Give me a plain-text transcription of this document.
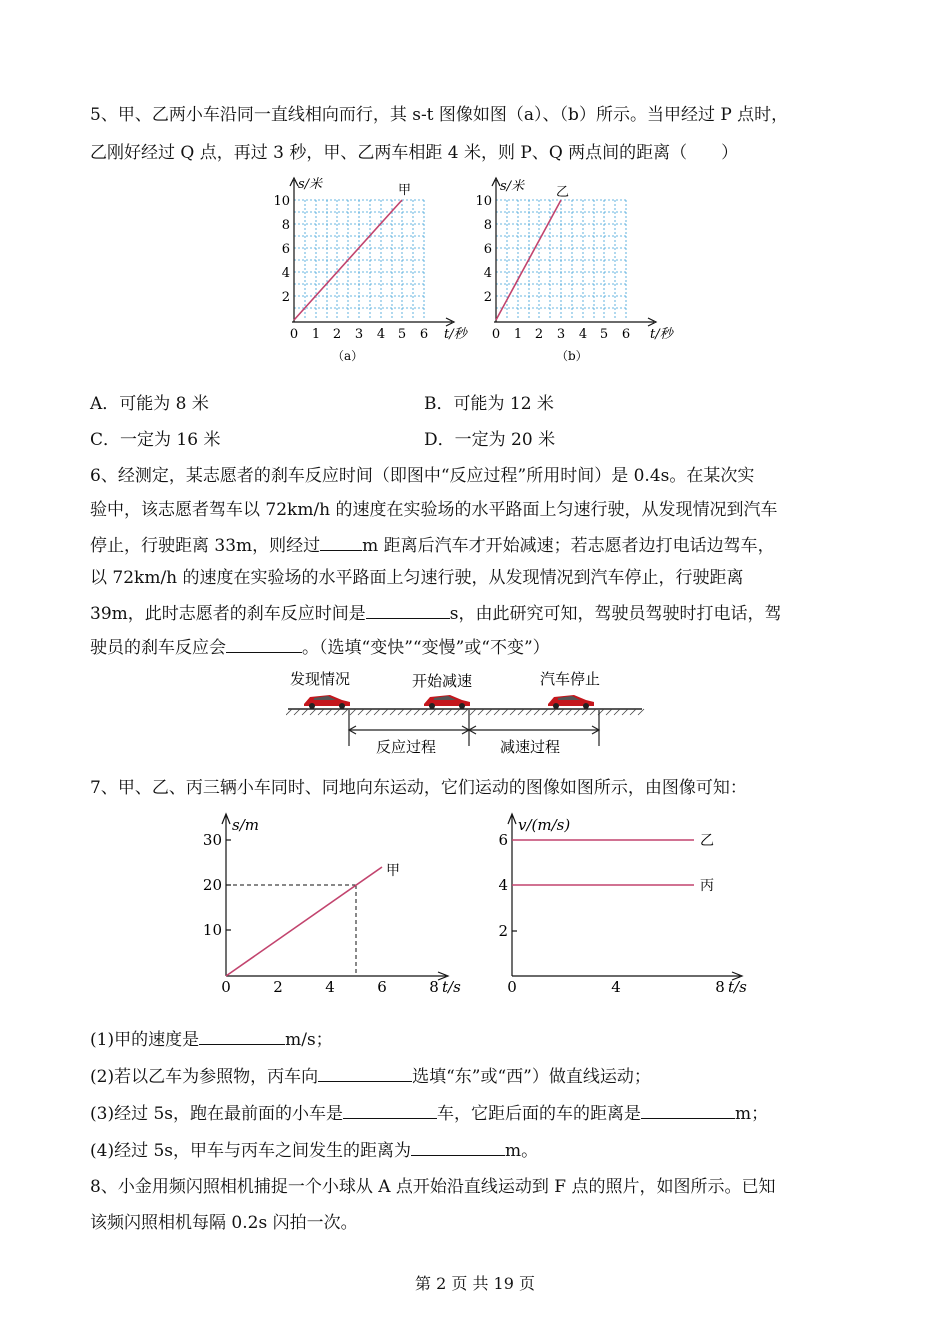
5、甲、乙两小车沿同一直线相向而行，其 s-t 图像如图（a）、（b）所示。当甲经过 P 点时，
乙刚好经过 Q 点，再过 3 秒，甲、乙两车相距 4 米，则 P、Q 两点间的距离（　　）
甲
s/米
t/秒
10
8
6
4
2
0 1 2 3 4 5 6
（a）
乙
s/米
t/秒
10
8
6
4
2
0 1 2 3 4 5 6
（b）
A．可能为 8 米	B．可能为 12 米
C．一定为 16 米	D．一定为 20 米
6、经测定，某志愿者的刹车反应时间（即图中“反应过程”所用时间）是 0.4s。在某次实
验中，该志愿者驾车以 72km/h 的速度在实验场的水平路面上匀速行驶，从发现情况到汽车
停止，行驶距离 33m，则经过 m 距离后汽车才开始减速；若志愿者边打电话边驾车，
以 72km/h 的速度在实验场的水平路面上匀速行驶，从发现情况到汽车停止，行驶距离
39m，此时志愿者的刹车反应时间是	s，由此研究可知，驾驶员驾驶时打电话，驾
驶员的刹车反应会	。（选填“变快”“变慢”或“不变”）
发现情况	开始减速	汽车停止
反应过程	减速过程
7、甲、乙、丙三辆小车同时、同地向东运动，它们运动的图像如图所示，由图像可知：
甲
s/m
t/s
30
20
10
0	2	4	6	8
乙
丙
v/(m/s)
t/s
6
4
2
0	4	8
(1)甲的速度是	m/s；
(2)若以乙车为参照物，丙车向	选填“东”或“西”）做直线运动；
(3)经过 5s，跑在最前面的小车是	车，它距后面的车的距离是	m；
(4)经过 5s，甲车与丙车之间发生的距离为	m。
8、小金用频闪照相机捕捉一个小球从 A 点开始沿直线运动到 F 点的照片，如图所示。已知
该频闪照相机每隔 0.2s 闪拍一次。
第 2 页 共 19 页
